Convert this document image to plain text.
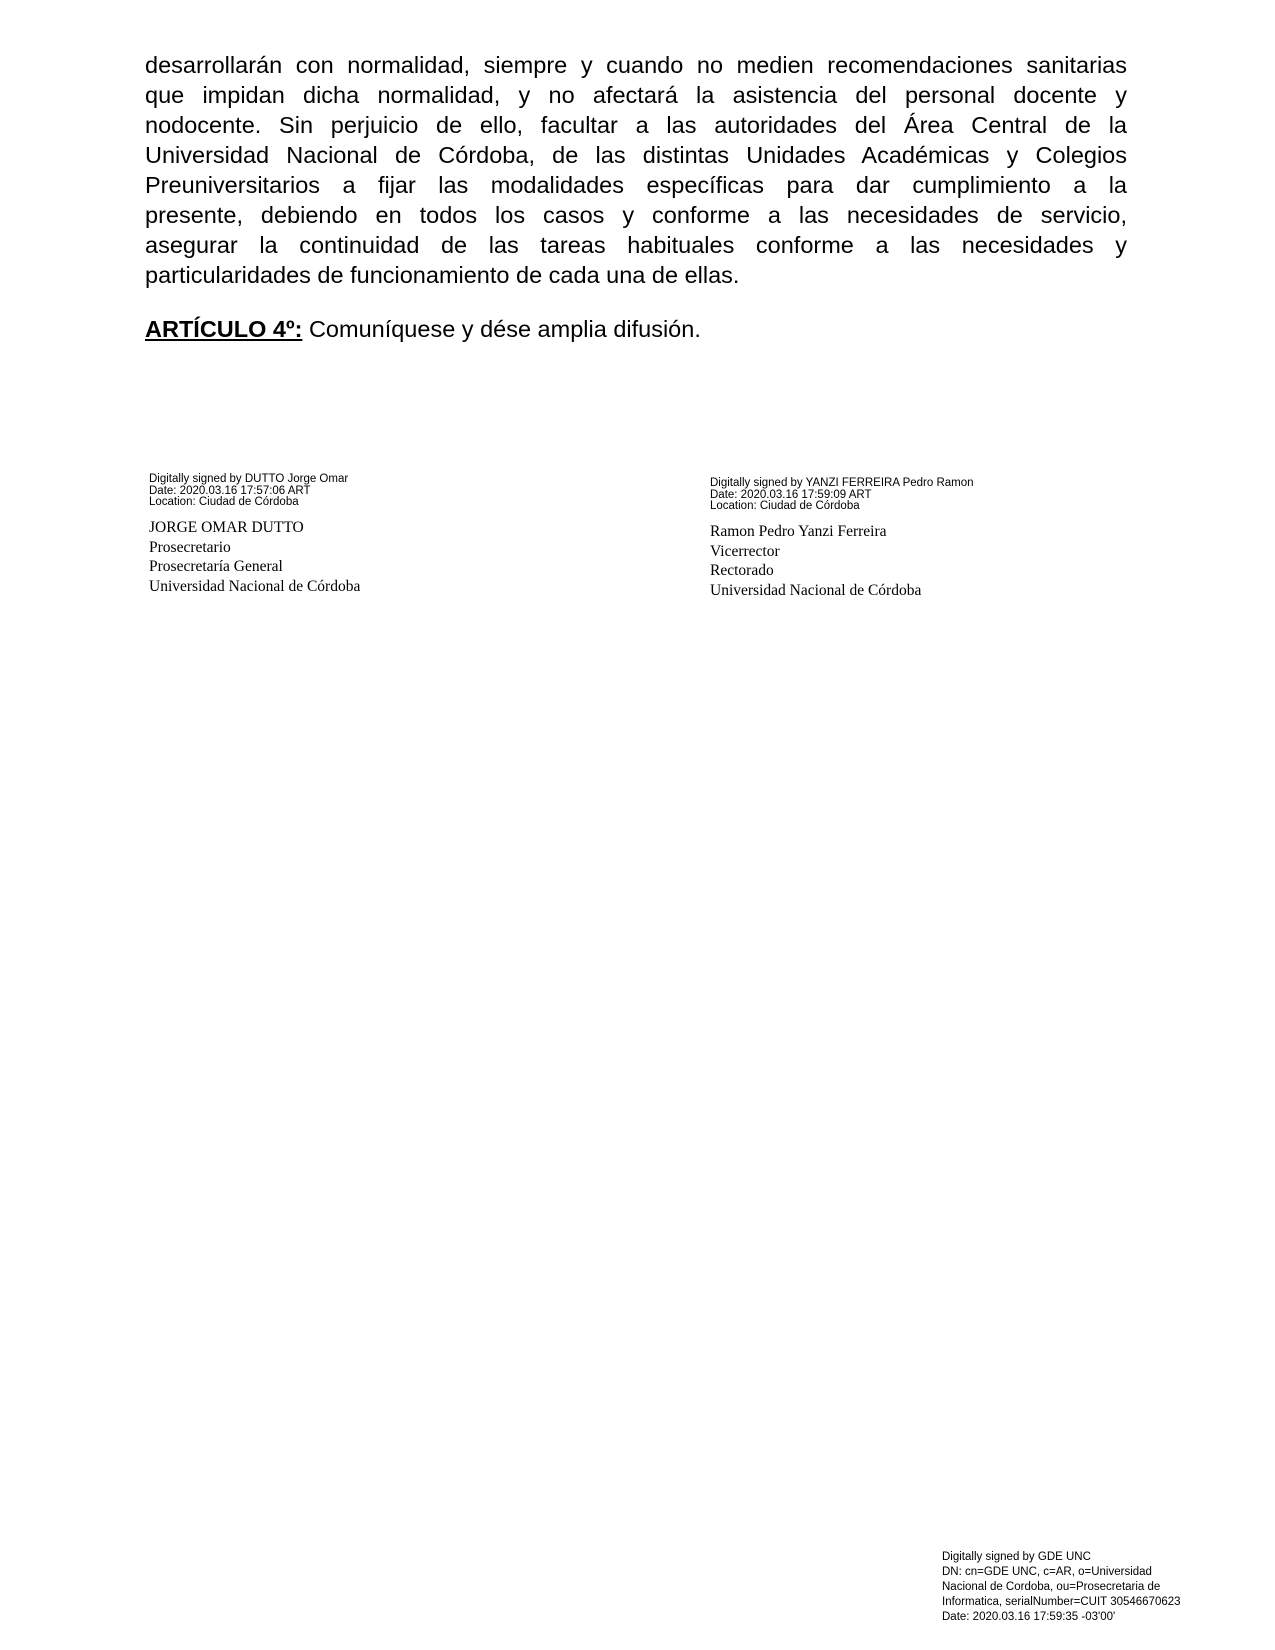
desarrollarán con normalidad, siempre y cuando no medien recomendaciones sanitarias
que impidan dicha normalidad, y no afectará la asistencia del personal docente y
nodocente. Sin perjuicio de ello, facultar a las autoridades del Área Central de la
Universidad Nacional de Córdoba, de las distintas Unidades Académicas y Colegios
Preuniversitarios a fijar las modalidades específicas para dar cumplimiento a la
presente, debiendo en todos los casos y conforme a las necesidades de servicio,
asegurar la continuidad de las tareas habituales conforme a las necesidades y
particularidades de funcionamiento de cada una de ellas.

ARTÍCULO 4º: Comuníquese y dése amplia difusión.

Digitally signed by DUTTO Jorge Omar
Date: 2020.03.16 17:57:06 ART
Location: Ciudad de Córdoba
JORGE OMAR DUTTO
Prosecretario
Prosecretaría General
Universidad Nacional de Córdoba
Digitally signed by YANZI FERREIRA Pedro Ramon
Date: 2020.03.16 17:59:09 ART
Location: Ciudad de Córdoba
Ramon Pedro Yanzi Ferreira
Vicerrector
Rectorado
Universidad Nacional de Córdoba
Digitally signed by GDE UNC
DN: cn=GDE UNC, c=AR, o=Universidad
Nacional de Cordoba, ou=Prosecretaria de
Informatica, serialNumber=CUIT 30546670623
Date: 2020.03.16 17:59:35 -03'00'
